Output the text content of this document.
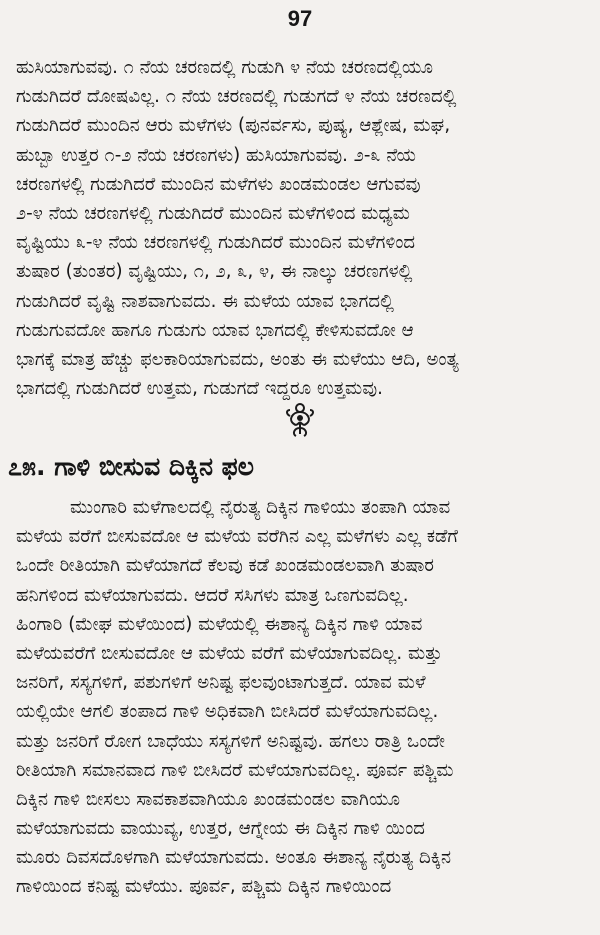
97
ಹುಸಿಯಾಗುವವು. ೧ ನೆಯ ಚರಣದಲ್ಲಿ ಗುಡುಗಿ ೪ ನೆಯ ಚರಣದಲ್ಲಿಯೂ
ಗುಡುಗಿದರೆ ದೋಷವಿಲ್ಲ. ೧ ನೆಯ ಚರಣದಲ್ಲಿ ಗುಡುಗದೆ ೪ ನೆಯ ಚರಣದಲ್ಲಿ
ಗುಡುಗಿದರೆ ಮುಂದಿನ ಆರು ಮಳೆಗಳು (ಪುನರ್ವಸು, ಪುಷ್ಯ, ಆಶ್ಲೇಷ, ಮಘ,
ಹುಬ್ಬಾ ಉತ್ತರ ೧-೨ ನೆಯ ಚರಣಗಳು) ಹುಸಿಯಾಗುವವು. ೨-೩ ನೆಯ
ಚರಣಗಳಲ್ಲಿ ಗುಡುಗಿದರೆ ಮುಂದಿನ ಮಳೆಗಳು ಖಂಡಮಂಡಲ ಆಗುವವು
೨-೪ ನೆಯ ಚರಣಗಳಲ್ಲಿ ಗುಡುಗಿದರೆ ಮುಂದಿನ ಮಳೆಗಳಿಂದ ಮಧ್ಯಮ
ವೃಷ್ಟಿಯು ೩-೪ ನೆಯ ಚರಣಗಳಲ್ಲಿ ಗುಡುಗಿದರೆ ಮುಂದಿನ ಮಳೆಗಳಿಂದ
ತುಷಾರ (ತುಂತರ) ವೃಷ್ಟಿಯು, ೧, ೨, ೩, ೪, ಈ ನಾಲ್ಕು ಚರಣಗಳಲ್ಲಿ
ಗುಡುಗಿದರೆ ವೃಷ್ಟಿ ನಾಶವಾಗುವದು. ಈ ಮಳೆಯ ಯಾವ ಭಾಗದಲ್ಲಿ
ಗುಡುಗುವದೋ ಹಾಗೂ ಗುಡುಗು ಯಾವ ಭಾಗದಲ್ಲಿ ಕೇಳಿಸುವದೋ ಆ
ಭಾಗಕ್ಕೆ ಮಾತ್ರ ಹೆಚ್ಚು ಫಲಕಾರಿಯಾಗುವದು, ಅಂತು ಈ ಮಳೆಯು ಆದಿ, ಅಂತ್ಯ
ಭಾಗದಲ್ಲಿ ಗುಡುಗಿದರೆ ಉತ್ತಮ, ಗುಡುಗದೆ ಇದ್ದರೂ ಉತ್ತಮವು.
೭೫. ಗಾಳಿ ಬೀಸುವ ದಿಕ್ಕಿನ ಫಲ
ಮುಂಗಾರಿ ಮಳೆಗಾಲದಲ್ಲಿ ನೈರುತ್ಯ ದಿಕ್ಕಿನ ಗಾಳಿಯು ತಂಪಾಗಿ ಯಾವ
ಮಳೆಯ ವರೆಗೆ ಬೀಸುವದೋ ಆ ಮಳೆಯ ವರೆಗಿನ ಎಲ್ಲ ಮಳೆಗಳು ಎಲ್ಲ ಕಡೆಗೆ
ಒಂದೇ ರೀತಿಯಾಗಿ ಮಳೆಯಾಗದೆ ಕೆಲವು ಕಡೆ ಖಂಡಮಂಡಲವಾಗಿ ತುಷಾರ
ಹನಿಗಳಿಂದ ಮಳೆಯಾಗುವದು. ಆದರೆ ಸಸಿಗಳು ಮಾತ್ರ ಒಣಗುವದಿಲ್ಲ.
ಹಿಂಗಾರಿ (ಮೇಘ ಮಳೆಯಿಂದ) ಮಳೆಯಲ್ಲಿ ಈಶಾನ್ಯ ದಿಕ್ಕಿನ ಗಾಳಿ ಯಾವ
ಮಳೆಯವರೆಗೆ ಬೀಸುವದೋ ಆ ಮಳೆಯ ವರೆಗೆ ಮಳೆಯಾಗುವದಿಲ್ಲ. ಮತ್ತು
ಜನರಿಗೆ, ಸಸ್ಯಗಳಿಗೆ, ಪಶುಗಳಿಗೆ ಅನಿಷ್ಟ ಫಲವುಂಟಾಗುತ್ತದೆ. ಯಾವ ಮಳೆ
ಯಲ್ಲಿಯೇ ಆಗಲಿ ತಂಪಾದ ಗಾಳಿ ಅಧಿಕವಾಗಿ ಬೀಸಿದರೆ ಮಳೆಯಾಗುವದಿಲ್ಲ.
ಮತ್ತು ಜನರಿಗೆ ರೋಗ ಬಾಧೆಯು ಸಸ್ಯಗಳಿಗೆ ಅನಿಷ್ಟವು. ಹಗಲು ರಾತ್ರಿ ಒಂದೇ
ರೀತಿಯಾಗಿ ಸಮಾನವಾದ ಗಾಳಿ ಬೀಸಿದರೆ ಮಳೆಯಾಗುವದಿಲ್ಲ. ಪೂರ್ವ ಪಶ್ಚಿಮ
ದಿಕ್ಕಿನ ಗಾಳಿ ಬೀಸಲು ಸಾವಕಾಶವಾಗಿಯೂ ಖಂಡಮಂಡಲ ವಾಗಿಯೂ
ಮಳೆಯಾಗುವದು ವಾಯುವ್ಯ, ಉತ್ತರ, ಆಗ್ನೇಯ ಈ ದಿಕ್ಕಿನ ಗಾಳಿ ಯಿಂದ
ಮೂರು ದಿವಸದೊಳಗಾಗಿ ಮಳೆಯಾಗುವದು. ಅಂತೂ ಈಶಾನ್ಯ ನೈರುತ್ಯ ದಿಕ್ಕಿನ
ಗಾಳಿಯಿಂದ ಕನಿಷ್ಟ ಮಳೆಯು. ಪೂರ್ವ, ಪಶ್ಚಿಮ ದಿಕ್ಕಿನ ಗಾಳಿಯಿಂದ
